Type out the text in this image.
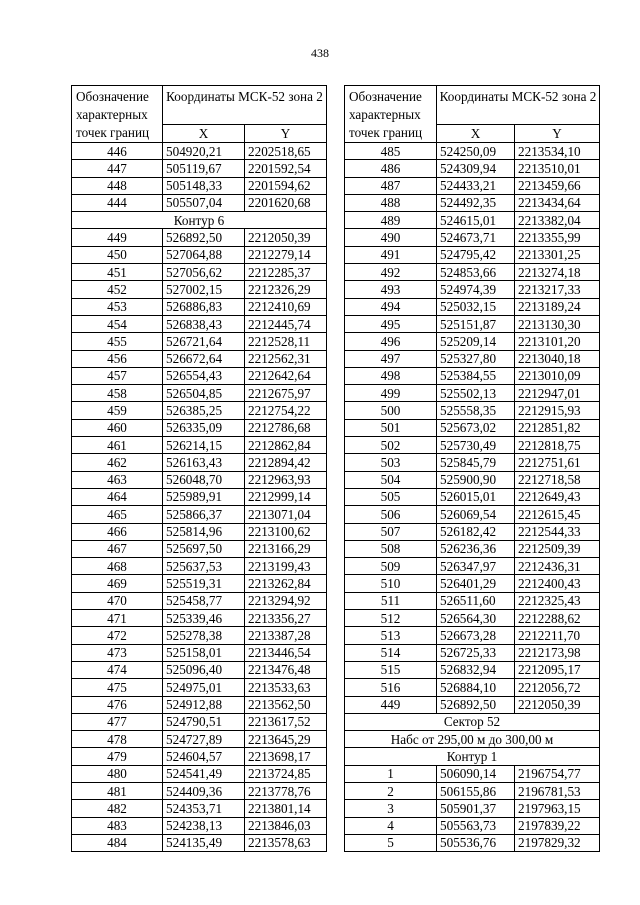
438
Обозначение характерных точек границ	Координаты МСК-52 зона 2	
	X	Y
446	504920,21	2202518,65
447	505119,67	2201592,54
448	505148,33	2201594,62
444	505507,04	2201620,68
Контур 6		
449	526892,50	2212050,39
450	527064,88	2212279,14
451	527056,62	2212285,37
452	527002,15	2212326,29
453	526886,83	2212410,69
454	526838,43	2212445,74
455	526721,64	2212528,11
456	526672,64	2212562,31
457	526554,43	2212642,64
458	526504,85	2212675,97
459	526385,25	2212754,22
460	526335,09	2212786,68
461	526214,15	2212862,84
462	526163,43	2212894,42
463	526048,70	2212963,93
464	525989,91	2212999,14
465	525866,37	2213071,04
466	525814,96	2213100,62
467	525697,50	2213166,29
468	525637,53	2213199,43
469	525519,31	2213262,84
470	525458,77	2213294,92
471	525339,46	2213356,27
472	525278,38	2213387,28
473	525158,01	2213446,54
474	525096,40	2213476,48
475	524975,01	2213533,63
476	524912,88	2213562,50
477	524790,51	2213617,52
478	524727,89	2213645,29
479	524604,57	2213698,17
480	524541,49	2213724,85
481	524409,36	2213778,76
482	524353,71	2213801,14
483	524238,13	2213846,03
484	524135,49	2213578,63
Обозначение характерных точек границ	Координаты МСК-52 зона 2	
	X	Y
485	524250,09	2213534,10
486	524309,94	2213510,01
487	524433,21	2213459,66
488	524492,35	2213434,64
489	524615,01	2213382,04
490	524673,71	2213355,99
491	524795,42	2213301,25
492	524853,66	2213274,18
493	524974,39	2213217,33
494	525032,15	2213189,24
495	525151,87	2213130,30
496	525209,14	2213101,20
497	525327,80	2213040,18
498	525384,55	2213010,09
499	525502,13	2212947,01
500	525558,35	2212915,93
501	525673,02	2212851,82
502	525730,49	2212818,75
503	525845,79	2212751,61
504	525900,90	2212718,58
505	526015,01	2212649,43
506	526069,54	2212615,45
507	526182,42	2212544,33
508	526236,36	2212509,39
509	526347,97	2212436,31
510	526401,29	2212400,43
511	526511,60	2212325,43
512	526564,30	2212288,62
513	526673,28	2212211,70
514	526725,33	2212173,98
515	526832,94	2212095,17
516	526884,10	2212056,72
449	526892,50	2212050,39
Сектор 52		
Набс от 295,00 м до 300,00 м		
Контур 1		
1	506090,14	2196754,77
2	506155,86	2196781,53
3	505901,37	2197963,15
4	505563,73	2197839,22
5	505536,76	2197829,32
